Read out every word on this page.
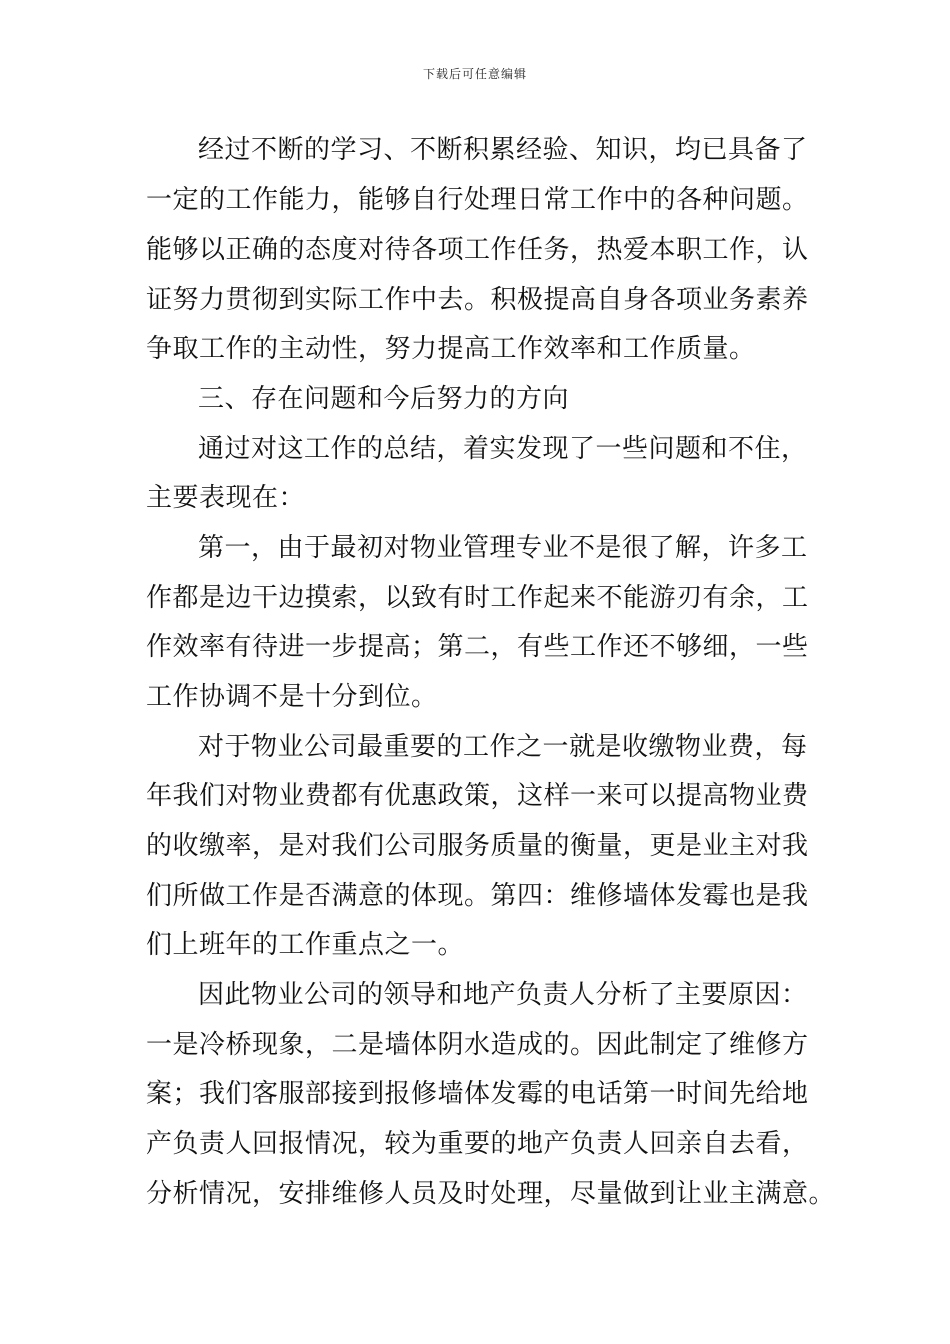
下载后可任意编辑
经过不断的学习、不断积累经验、知识，均已具备了
一定的工作能力，能够自行处理日常工作中的各种问题。
能够以正确的态度对待各项工作任务，热爱本职工作，认
证努力贯彻到实际工作中去。积极提高自身各项业务素养
争取工作的主动性，努力提高工作效率和工作质量。
三、存在问题和今后努力的方向
通过对这工作的总结，着实发现了一些问题和不住，
主要表现在：
第一，由于最初对物业管理专业不是很了解，许多工
作都是边干边摸索，以致有时工作起来不能游刃有余，工
作效率有待进一步提高；第二，有些工作还不够细，一些
工作协调不是十分到位。
对于物业公司最重要的工作之一就是收缴物业费，每
年我们对物业费都有优惠政策，这样一来可以提高物业费
的收缴率，是对我们公司服务质量的衡量，更是业主对我
们所做工作是否满意的体现。第四：维修墙体发霉也是我
们上班年的工作重点之一。
因此物业公司的领导和地产负责人分析了主要原因：
一是冷桥现象，二是墙体阴水造成的。因此制定了维修方
案；我们客服部接到报修墙体发霉的电话第一时间先给地
产负责人回报情况，较为重要的地产负责人回亲自去看，
分析情况，安排维修人员及时处理，尽量做到让业主满意。
